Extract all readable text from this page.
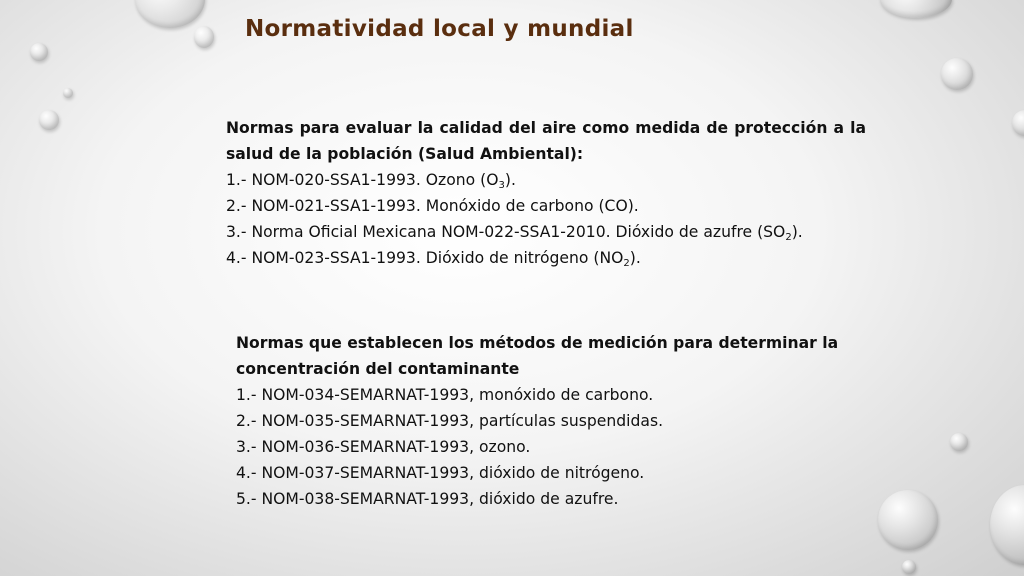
Normatividad local y mundial
Normas para evaluar la calidad del aire como medida de protección a la salud de la población (Salud Ambiental):
1.- NOM-020-SSA1-1993. Ozono $(O_3)$.
2.- NOM-021-SSA1-1993. Monóxido de carbono (CO).
3.- Norma Oficial Mexicana NOM-022-SSA1-2010. Dióxido de azufre $(SO_2)$.
4.- NOM-023-SSA1-1993. Dióxido de nitrógeno $(NO_2)$.
Normas que establecen los métodos de medición para determinar la concentración del contaminante
1.- NOM-034-SEMARNAT-1993, monóxido de carbono.
2.- NOM-035-SEMARNAT-1993, partículas suspendidas.
3.- NOM-036-SEMARNAT-1993, ozono.
4.- NOM-037-SEMARNAT-1993, dióxido de nitrógeno.
5.- NOM-038-SEMARNAT-1993, dióxido de azufre.
